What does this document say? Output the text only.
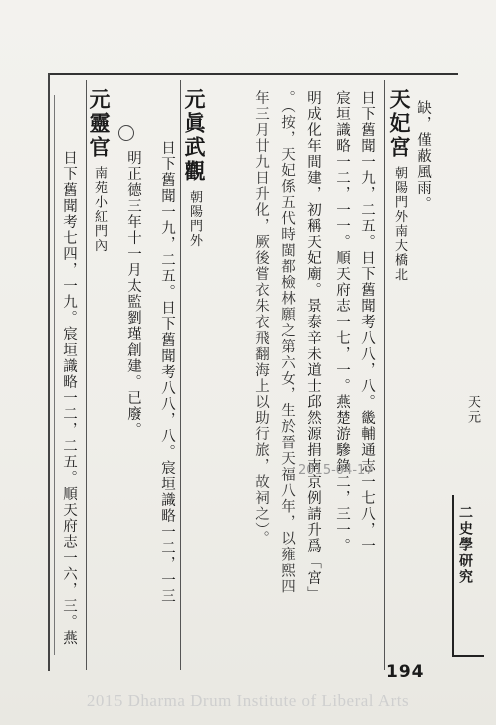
缺，僅蔽風雨。
天妃宮朝陽門外南大橋北
日下舊聞一九，二五。日下舊聞考八八，八。畿輔通志一七八，一
宸垣識略一二，一一。順天府志一七，一。燕楚游驂錄二，三一。
明成化年間建，初稱天妃廟。景泰辛未道士邱然源捐南京例請升爲「宮」
。（按，天妃係五代時閩都檢林願之第六女，生於晉天福八年，以雍熙四
年三月廿九日升化，厥後嘗衣朱衣飛翻海上以助行旅，故祠之）。
元眞武觀朝陽門外
日下舊聞一九，二五。日下舊聞考八八，八。宸垣識略一二，一三
明正德三年十一月太監劉瑾創建。已廢。
元靈官南苑小紅門內
日下舊聞考七四，一九。宸垣識略一二，二五。順天府志一六，三。燕	天元
二史學研究
2015-04-17
194
2015 Dharma Drum Institute of Liberal Arts
